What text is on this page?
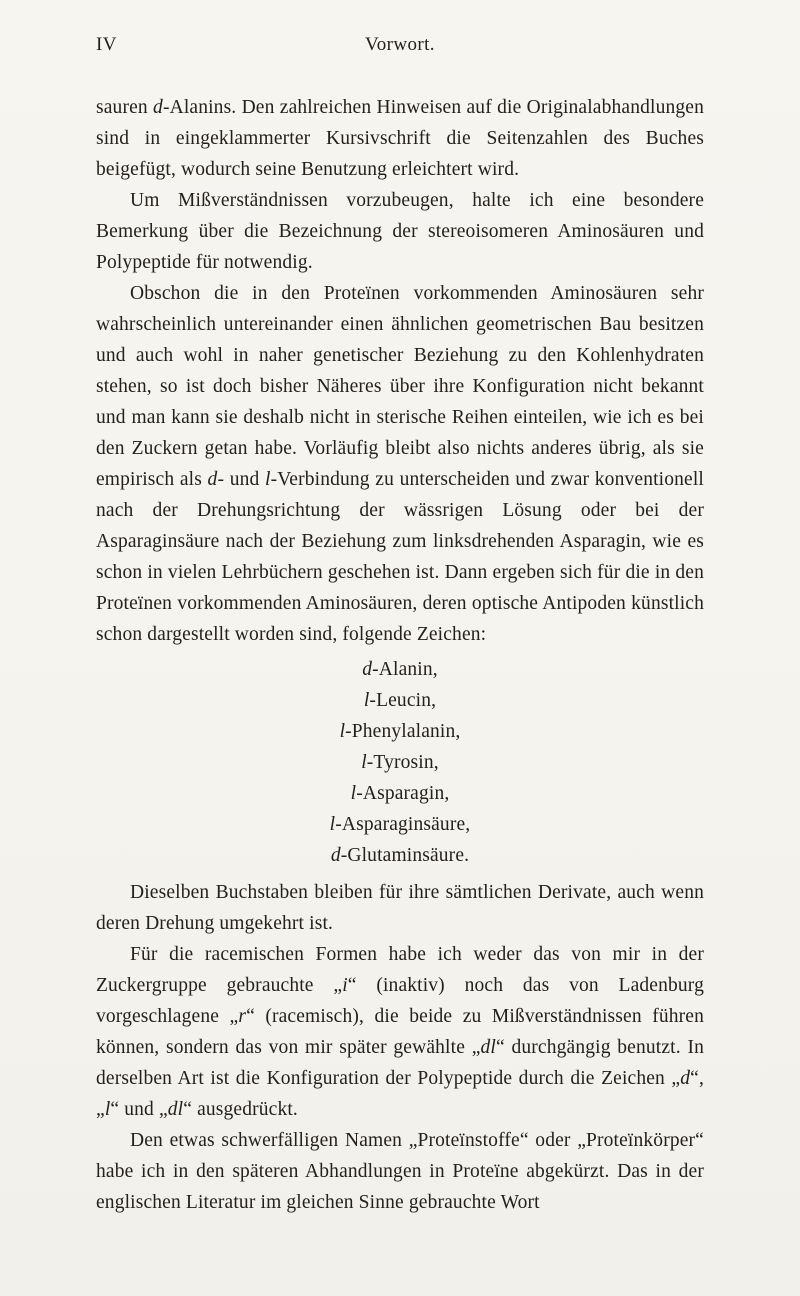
IV	Vorwort.

sauren d-Alanins. Den zahlreichen Hinweisen auf die Originalabhandlungen sind in eingeklammerter Kursivschrift die Seitenzahlen des Buches beigefügt, wodurch seine Benutzung erleichtert wird.

Um Mißverständnissen vorzubeugen, halte ich eine besondere Bemerkung über die Bezeichnung der stereoisomeren Aminosäuren und Polypeptide für notwendig.

Obschon die in den Proteïnen vorkommenden Aminosäuren sehr wahrscheinlich untereinander einen ähnlichen geometrischen Bau besitzen und auch wohl in naher genetischer Beziehung zu den Kohlenhydraten stehen, so ist doch bisher Näheres über ihre Konfiguration nicht bekannt und man kann sie deshalb nicht in sterische Reihen einteilen, wie ich es bei den Zuckern getan habe. Vorläufig bleibt also nichts anderes übrig, als sie empirisch als d- und l-Verbindung zu unterscheiden und zwar konventionell nach der Drehungsrichtung der wässrigen Lösung oder bei der Asparaginsäure nach der Beziehung zum linksdrehenden Asparagin, wie es schon in vielen Lehrbüchern geschehen ist. Dann ergeben sich für die in den Proteïnen vorkommenden Aminosäuren, deren optische Antipoden künstlich schon dargestellt worden sind, folgende Zeichen:

d-Alanin,
l-Leucin,
l-Phenylalanin,
l-Tyrosin,
l-Asparagin,
l-Asparaginsäure,
d-Glutaminsäure.

Dieselben Buchstaben bleiben für ihre sämtlichen Derivate, auch wenn deren Drehung umgekehrt ist.

Für die racemischen Formen habe ich weder das von mir in der Zuckergruppe gebrauchte „i“ (inaktiv) noch das von Ladenburg vorgeschlagene „r“ (racemisch), die beide zu Mißverständnissen führen können, sondern das von mir später gewählte „dl“ durchgängig benutzt. In derselben Art ist die Konfiguration der Polypeptide durch die Zeichen „d“, „l“ und „dl“ ausgedrückt.

Den etwas schwerfälligen Namen „Proteïnstoffe“ oder „Proteïnkörper“ habe ich in den späteren Abhandlungen in Proteïne abgekürzt. Das in der englischen Literatur im gleichen Sinne gebrauchte Wort
